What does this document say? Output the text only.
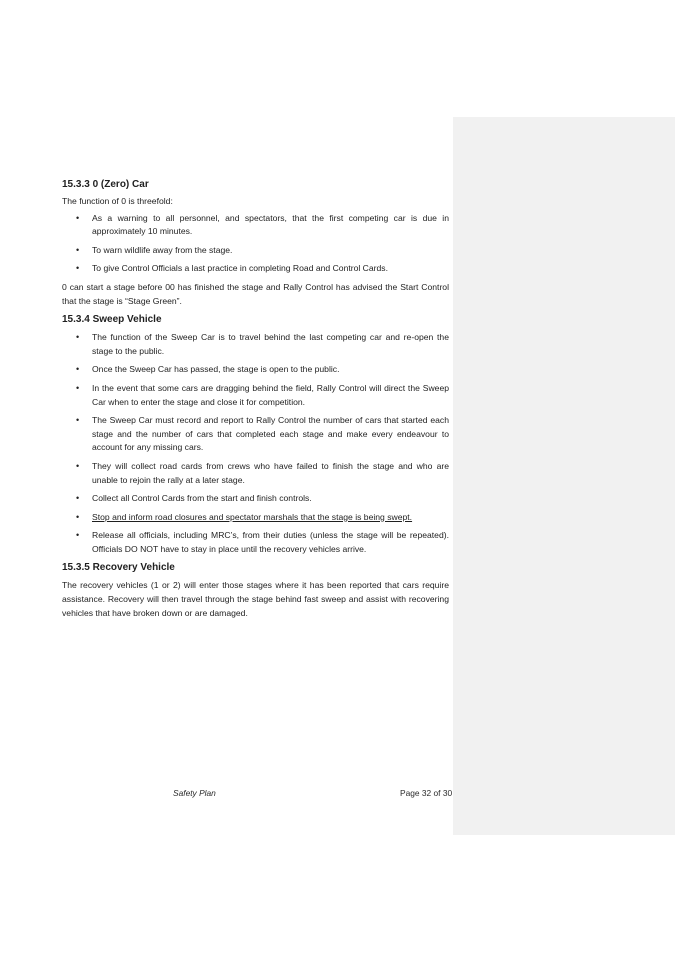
15.3.3 0 (Zero) Car

The function of 0 is threefold:

• As a warning to all personnel, and spectators, that the first competing car is due in approximately 10 minutes.
• To warn wildlife away from the stage.
• To give Control Officials a last practice in completing Road and Control Cards.

0 can start a stage before 00 has finished the stage and Rally Control has advised the Start Control that the stage is “Stage Green”.

15.3.4 Sweep Vehicle
• The function of the Sweep Car is to travel behind the last competing car and re-open the stage to the public.
• Once the Sweep Car has passed, the stage is open to the public.
• In the event that some cars are dragging behind the field, Rally Control will direct the Sweep Car when to enter the stage and close it for competition.
• The Sweep Car must record and report to Rally Control the number of cars that started each stage and the number of cars that completed each stage and make every endeavour to account for any missing cars.
• They will collect road cards from crews who have failed to finish the stage and who are unable to rejoin the rally at a later stage.
• Collect all Control Cards from the start and finish controls.
• Stop and inform road closures and spectator marshals that the stage is being swept.
• Release all officials, including MRC’s, from their duties (unless the stage will be repeated). Officials DO NOT have to stay in place until the recovery vehicles arrive.
15.3.5 Recovery Vehicle

The recovery vehicles (1 or 2) will enter those stages where it has been reported that cars require assistance. Recovery will then travel through the stage behind fast sweep and assist with recovering vehicles that have broken down or are damaged.

Safety Plan	Page 32 of 30
